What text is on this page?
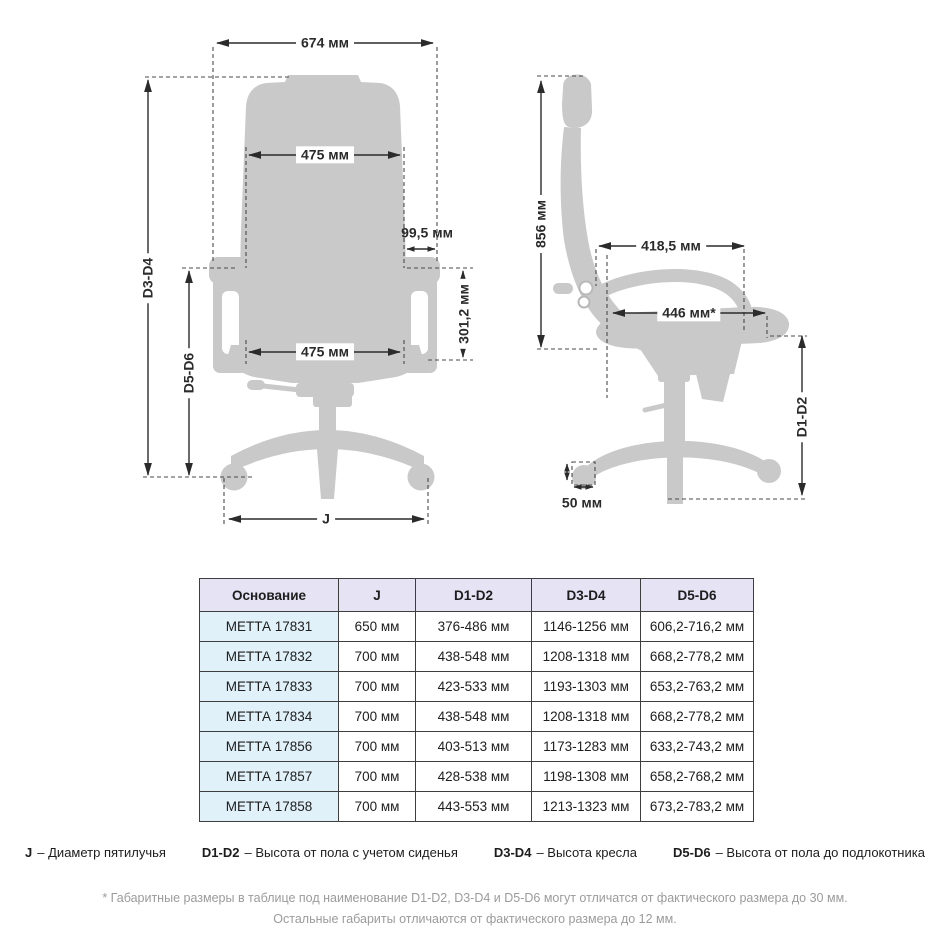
674 мм
475 мм
99,5 мм
301,2 мм
475 мм
D3-D4
D5-D6
J
856 мм	418,5 мм
446 мм*
D1-D2
50 мм
Основание	J	D1-D2	D3-D4	D5-D6
МЕТТА 17831	650 мм	376-486 мм	1146-1256 мм	606,2-716,2 мм
МЕТТА 17832	700 мм	438-548 мм	1208-1318 мм	668,2-778,2 мм
МЕТТА 17833	700 мм	423-533 мм	1193-1303 мм	653,2-763,2 мм
МЕТТА 17834	700 мм	438-548 мм	1208-1318 мм	668,2-778,2 мм
МЕТТА 17856	700 мм	403-513 мм	1173-1283 мм	633,2-743,2 мм
МЕТТА 17857	700 мм	428-538 мм	1198-1308 мм	658,2-768,2 мм
МЕТТА 17858	700 мм	443-553 мм	1213-1323 мм	673,2-783,2 мм
J – Диаметр пятилучья	D1-D2 – Высота от пола с учетом сиденья	D3-D4 – Высота кресла	D5-D6 – Высота от пола до подлокотника
* Габаритные размеры в таблице под наименование D1-D2, D3-D4 и D5-D6 могут отличатся от фактического размера до 30 мм.
Остальные габариты отличаются от фактического размера до 12 мм.
